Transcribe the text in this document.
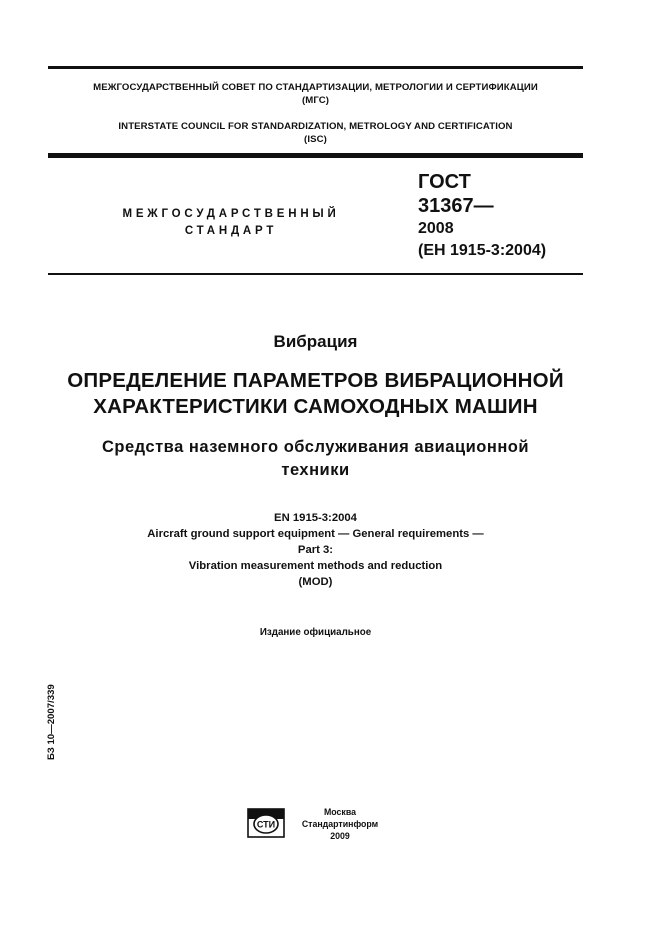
МЕЖГОСУДАРСТВЕННЫЙ СОВЕТ ПО СТАНДАРТИЗАЦИИ, МЕТРОЛОГИИ И СЕРТИФИКАЦИИ
(МГС)
INTERSTATE COUNCIL FOR STANDARDIZATION, METROLOGY AND CERTIFICATION
(ISC)
МЕЖГОСУДАРСТВЕННЫЙ
СТАНДАРТ
ГОСТ
31367—
2008
(ЕН 1915-3:2004)
Вибрация
ОПРЕДЕЛЕНИЕ ПАРАМЕТРОВ ВИБРАЦИОННОЙ
ХАРАКТЕРИСТИКИ САМОХОДНЫХ МАШИН
Средства наземного обслуживания авиационной
техники
EN 1915-3:2004
Aircraft ground support equipment — General requirements —
Part 3:
Vibration measurement methods and reduction
(MOD)
Издание официальное
БЗ 10—2007/339
СТИ
Москва
Стандартинформ
2009
